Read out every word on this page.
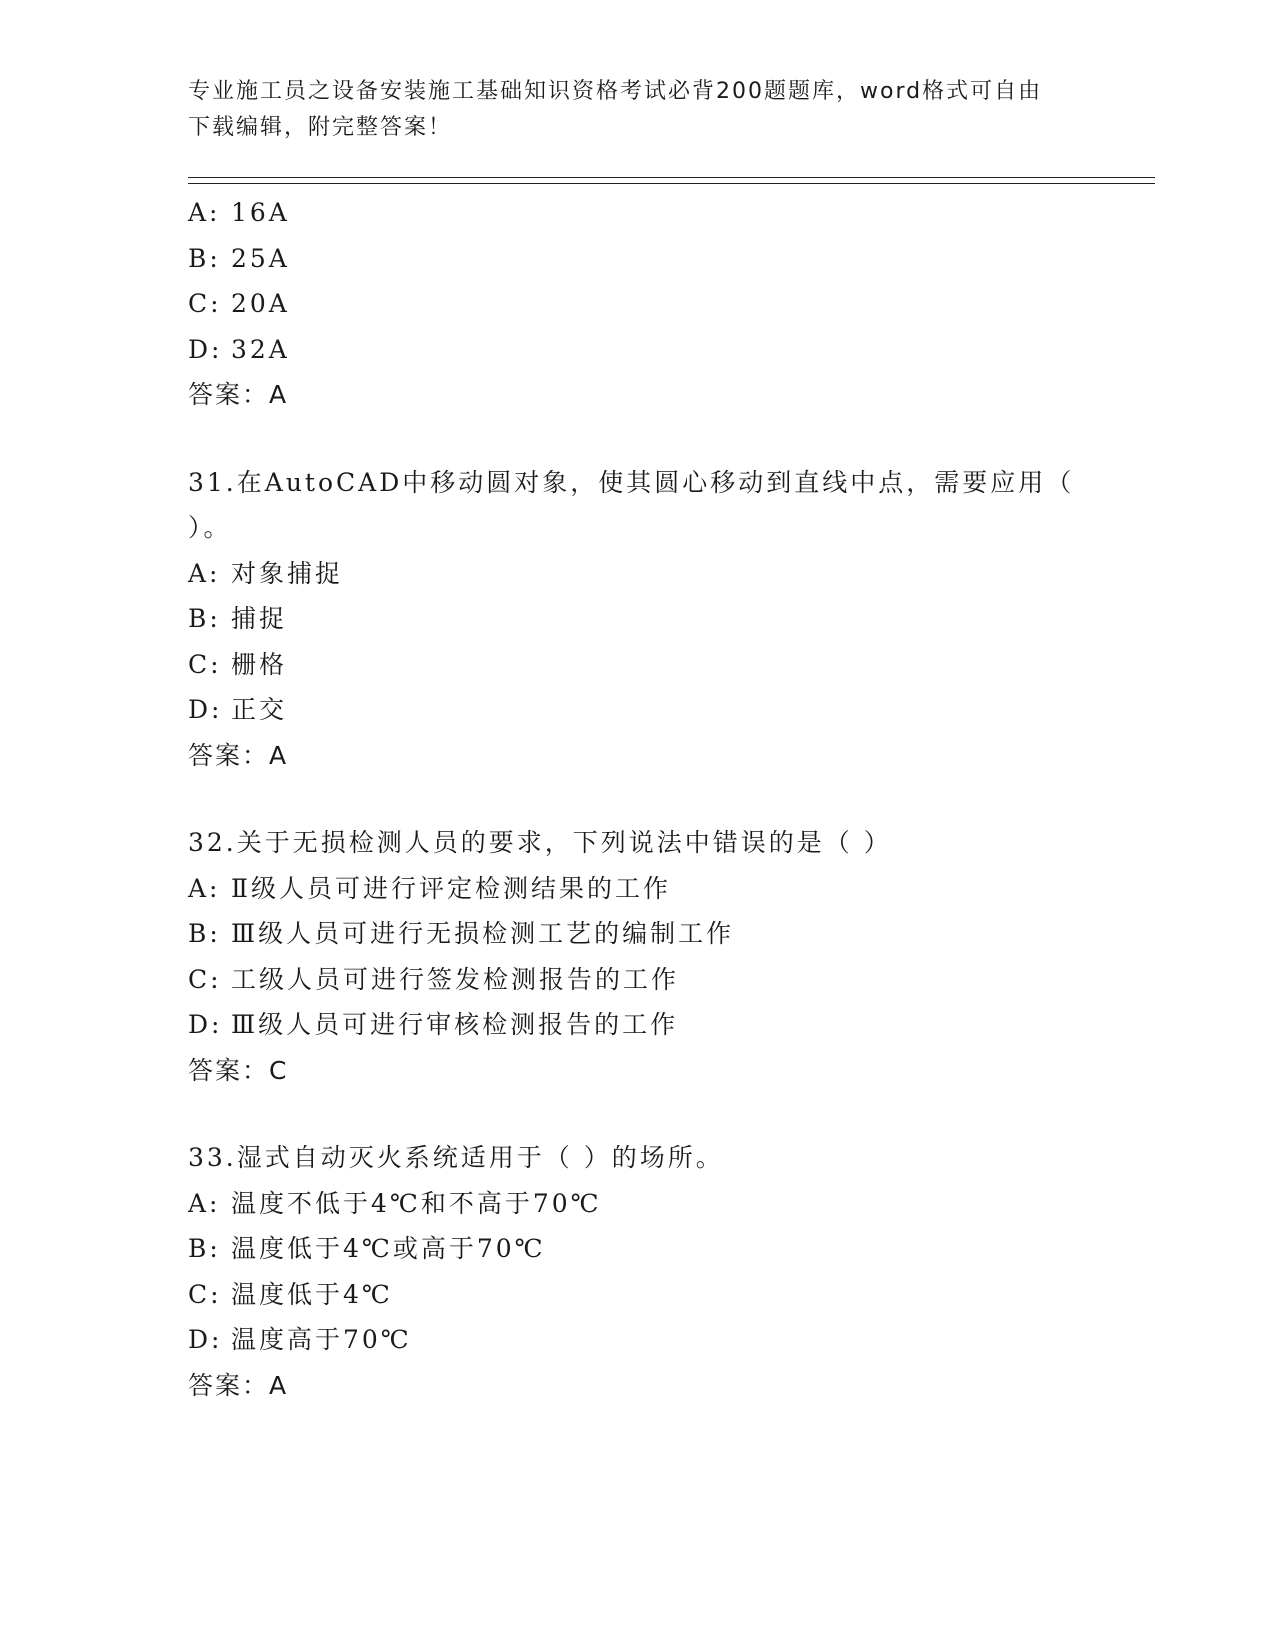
专业施工员之设备安装施工基础知识资格考试必背200题题库，word格式可自由
下载编辑，附完整答案！
A: 16A
B: 25A
C: 20A
D: 32A
答案：A
31.在AutoCAD中移动圆对象，使其圆心移动到直线中点，需要应用（
）。
A: 对象捕捉
B: 捕捉
C: 栅格
D: 正交
答案：A
32.关于无损检测人员的要求，下列说法中错误的是（ ）
A: Ⅱ级人员可进行评定检测结果的工作
B: Ⅲ级人员可进行无损检测工艺的编制工作
C: 工级人员可进行签发检测报告的工作
D: Ⅲ级人员可进行审核检测报告的工作
答案：C
33.湿式自动灭火系统适用于（ ）的场所。
A: 温度不低于4℃和不高于70℃
B: 温度低于4℃或高于70℃
C: 温度低于4℃
D: 温度高于70℃
答案：A
